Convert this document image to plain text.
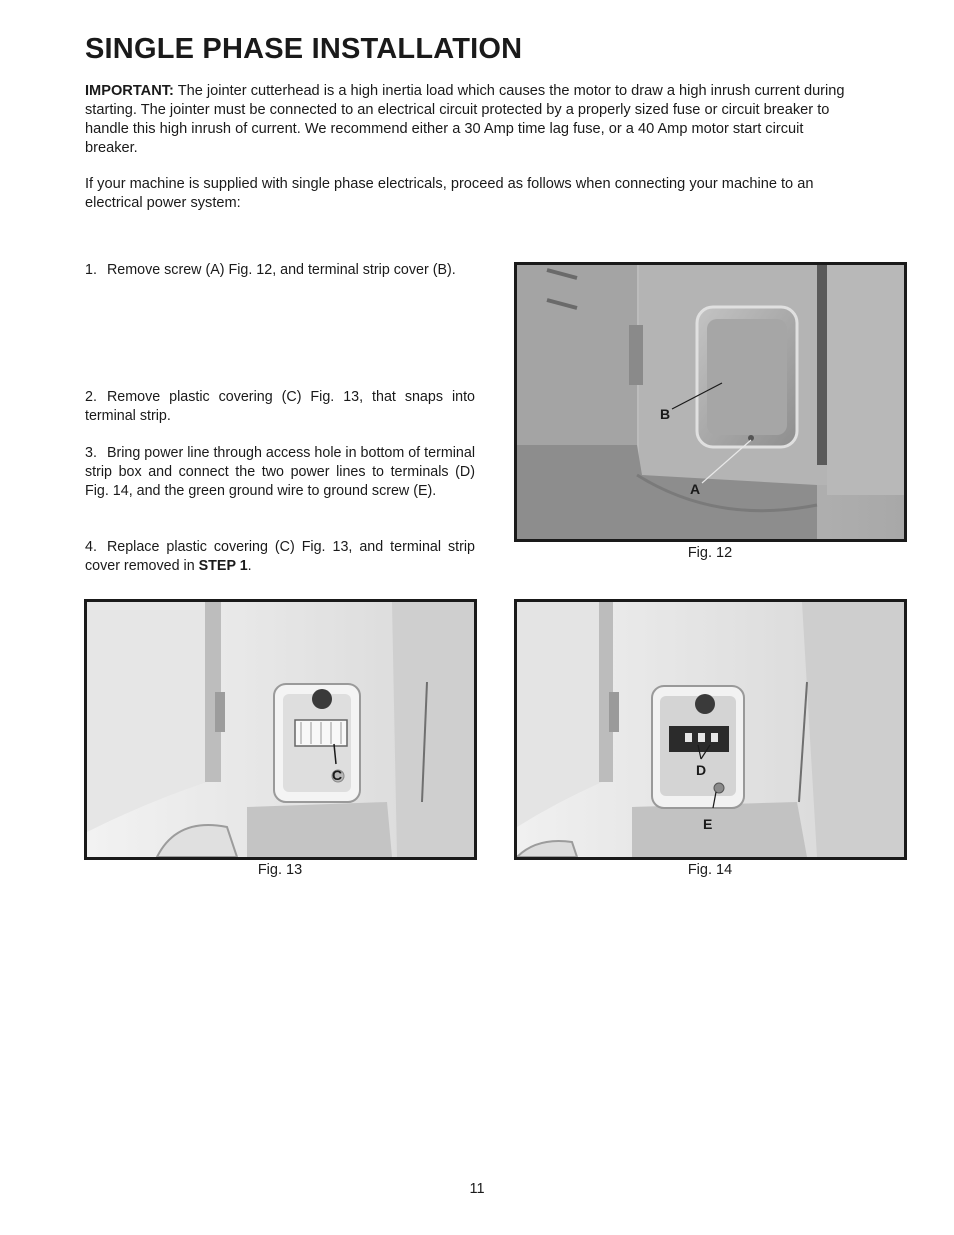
SINGLE PHASE INSTALLATION

IMPORTANT: The jointer cutterhead is a high inertia load which causes the motor to draw a high inrush current during starting. The jointer must be connected to an electrical circuit protected by a properly sized fuse or circuit breaker to handle this high inrush of current. We recommend either a 30 Amp time lag fuse, or a 40 Amp motor start circuit breaker.

If your machine is supplied with single phase electricals, proceed as follows when connecting your machine to an electrical power system:

1. Remove screw (A) Fig. 12, and terminal strip cover (B).

2. Remove plastic covering (C) Fig. 13, that snaps into terminal strip.

3. Bring power line through access hole in bottom of terminal strip box and connect the two power lines to terminals (D) Fig. 14, and the green ground wire to ground screw (E).

4. Replace plastic covering (C) Fig. 13, and terminal strip cover removed in STEP 1.

B
A

Fig. 12

C

Fig. 13

D
E

Fig. 14

11
